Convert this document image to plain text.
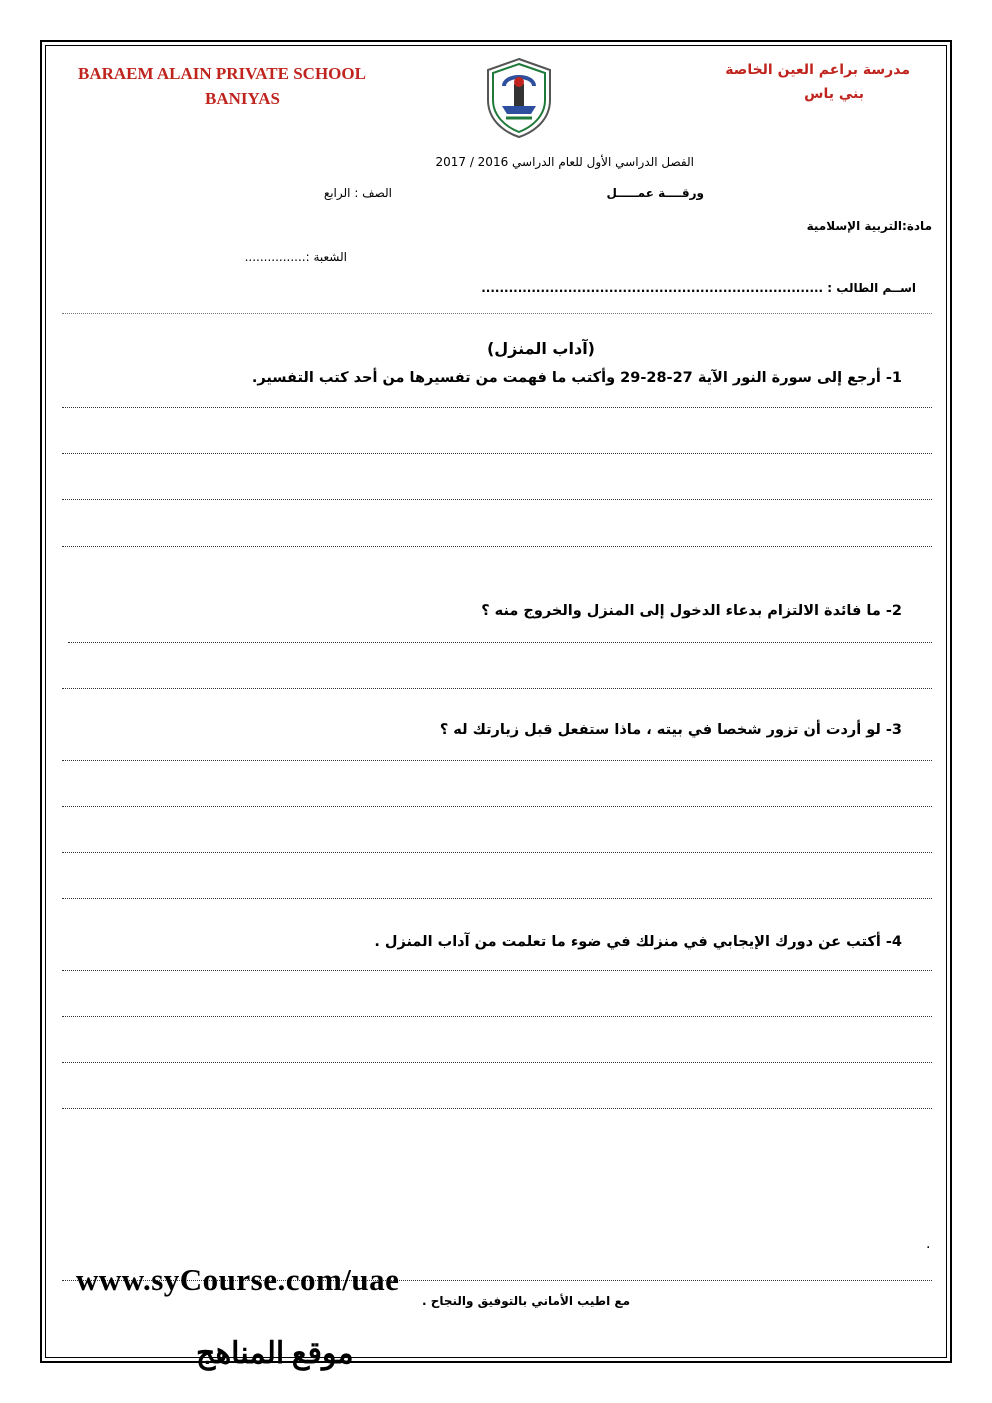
BARAEM ALAIN PRIVATE SCHOOL
BANIYAS
مدرسة براعم العين الخاصة
بني ياس
الفصل الدراسي الأول للعام الدراسي 2016 / 2017
ورقــــة عمـــــل
الصف : الرابع
مادة:التربية الإسلامية
الشعبة :................
اســم الطالب : ...........................................................................
(آداب المنزل)
1- أرجع إلى سورة النور الآية 27-28-29 وأكتب ما فهمت من تفسيرها من أحد كتب التفسير.
2- ما فائدة الالتزام بدعاء الدخول إلى المنزل والخروج منه ؟
3- لو أردت أن تزور شخصا في بيته ، ماذا ستفعل قبل زيارتك له ؟
4- أكتب عن دورك الإيجابي في منزلك في ضوء ما تعلمت من آداب المنزل .
.
مع اطيب الأماني بالتوفيق والنجاح .
www.syCourse.com/uae
موقع المناهج
